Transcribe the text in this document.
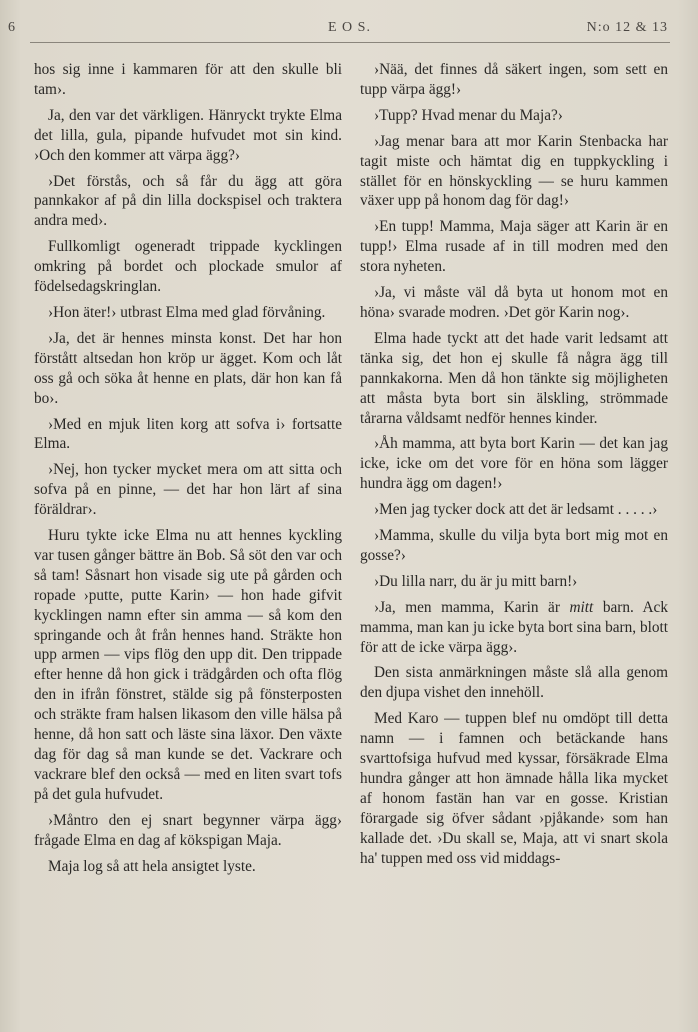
6	E O S.	N:o 12 & 13

hos sig inne i kammaren för att den skulle bli tam›.

Ja, den var det värkligen. Hänryckt trykte Elma det lilla, gula, pipande hufvudet mot sin kind. ›Och den kommer att värpa ägg?›

›Det förstås, och så får du ägg att göra pannkakor af på din lilla dockspisel och traktera andra med›.

Fullkomligt ogeneradt trippade kycklingen omkring på bordet och plockade smulor af födelsedagskringlan.

›Hon äter!› utbrast Elma med glad förvåning.

›Ja, det är hennes minsta konst. Det har hon förstått altsedan hon kröp ur ägget. Kom och låt oss gå och söka åt henne en plats, där hon kan få bo›.

›Med en mjuk liten korg att sofva i› fortsatte Elma.

›Nej, hon tycker mycket mera om att sitta och sofva på en pinne, — det har hon lärt af sina föräldrar›.

Huru tykte icke Elma nu att hennes kyckling var tusen gånger bättre än Bob. Så söt den var och så tam! Såsnart hon visade sig ute på gården och ropade ›putte, putte Karin› — hon hade gifvit kycklingen namn efter sin amma — så kom den springande och åt från hennes hand. Sträkte hon upp armen — vips flög den upp dit. Den trippade efter henne då hon gick i trädgården och ofta flög den in ifrån fönstret, stälde sig på fönsterposten och sträkte fram halsen likasom den ville hälsa på henne, då hon satt och läste sina läxor. Den växte dag för dag så man kunde se det. Vackrare och vackrare blef den också — med en liten svart tofs på det gula hufvudet.

›Måntro den ej snart begynner värpa ägg› frågade Elma en dag af kökspigan Maja.

Maja log så att hela ansigtet lyste.

›Nää, det finnes då säkert ingen, som sett en tupp värpa ägg!›

›Tupp? Hvad menar du Maja?›

›Jag menar bara att mor Karin Stenbacka har tagit miste och hämtat dig en tuppkyckling i stället för en hönskyckling — se huru kammen växer upp på honom dag för dag!›

›En tupp! Mamma, Maja säger att Karin är en tupp!› Elma rusade af in till modren med den stora nyheten.

›Ja, vi måste väl då byta ut honom mot en höna› svarade modren. ›Det gör Karin nog›.

Elma hade tyckt att det hade varit ledsamt att tänka sig, det hon ej skulle få några ägg till pannkakorna. Men då hon tänkte sig möjligheten att måsta byta bort sin älskling, strömmade tårarna våldsamt nedför hennes kinder.

›Åh mamma, att byta bort Karin — det kan jag icke, icke om det vore för en höna som lägger hundra ägg om dagen!›

›Men jag tycker dock att det är ledsamt . . . . .›

›Mamma, skulle du vilja byta bort mig mot en gosse?›

›Du lilla narr, du är ju mitt barn!›

›Ja, men mamma, Karin är mitt barn. Ack mamma, man kan ju icke byta bort sina barn, blott för att de icke värpa ägg›.

Den sista anmärkningen måste slå alla genom den djupa vishet den innehöll.

Med Karo — tuppen blef nu omdöpt till detta namn — i famnen och betäckande hans svarttofsiga hufvud med kyssar, försäkrade Elma hundra gånger att hon ämnade hålla lika mycket af honom fastän han var en gosse. Kristian förargade sig öfver sådant ›pjåkande› som han kallade det. ›Du skall se, Maja, att vi snart skola ha' tuppen med oss vid middags-
